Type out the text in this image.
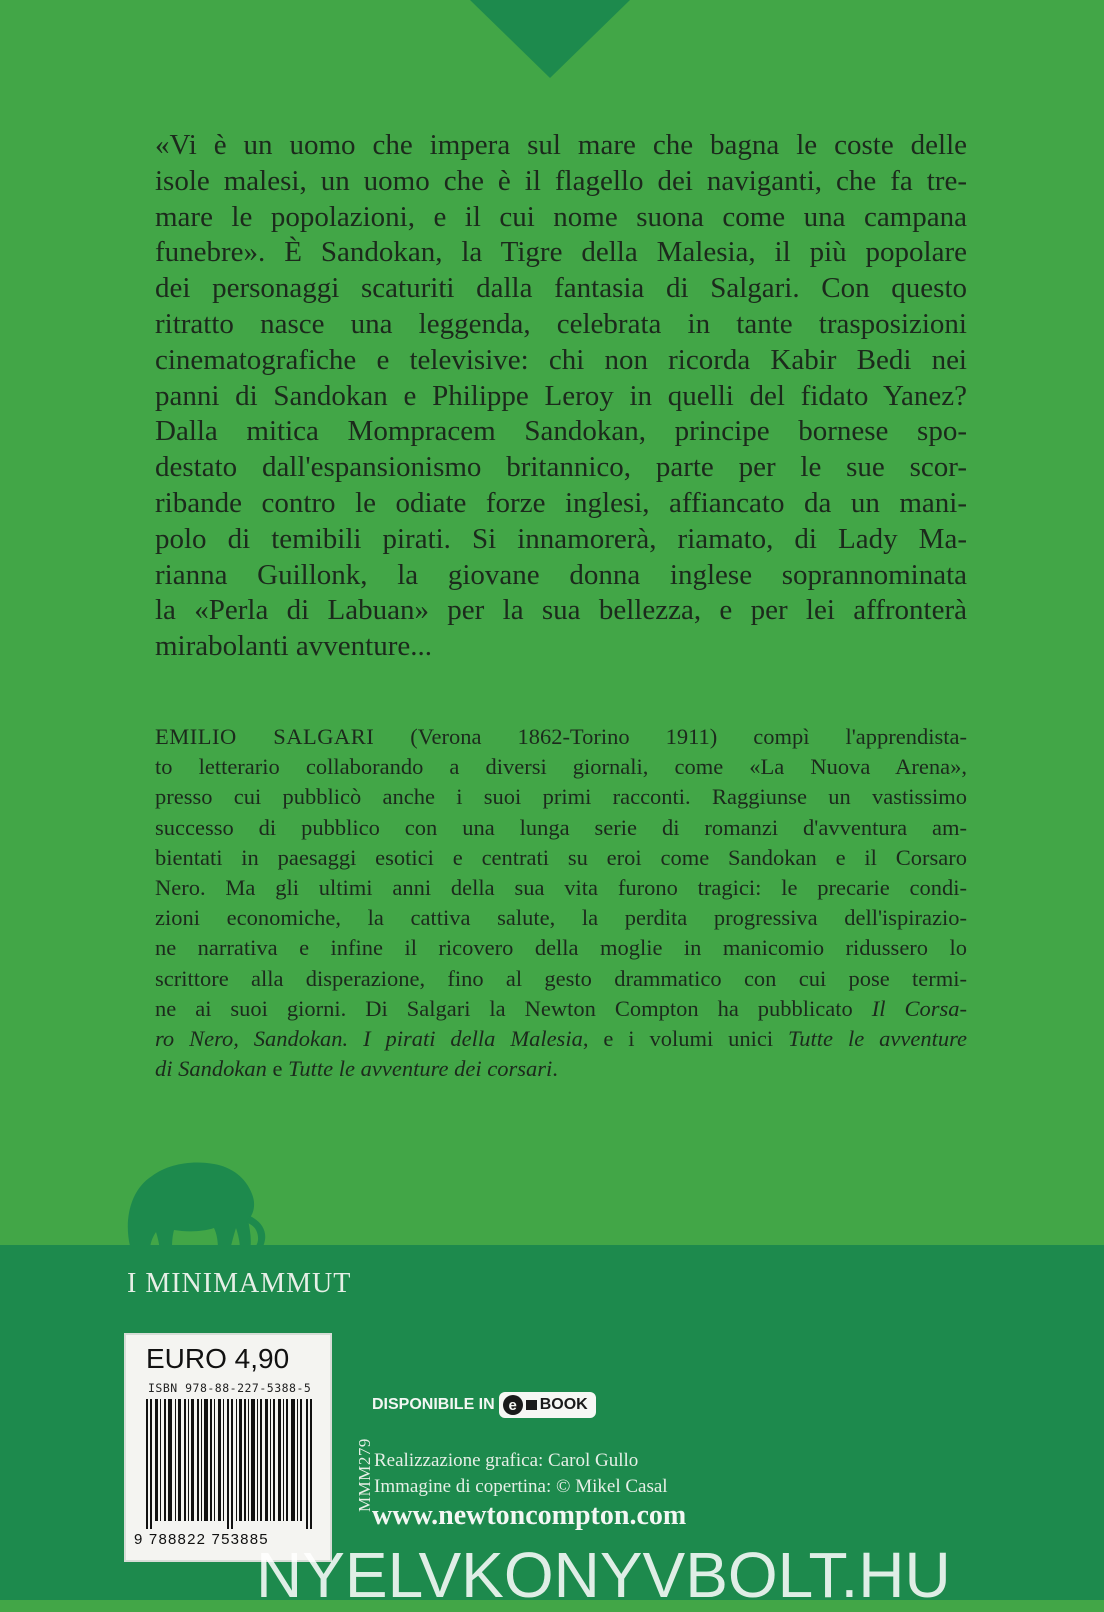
«Vi è un uomo che impera sul mare che bagna le coste delle
isole malesi, un uomo che è il flagello dei naviganti, che fa tre-
mare le popolazioni, e il cui nome suona come una campana
funebre». È Sandokan, la Tigre della Malesia, il più popolare
dei personaggi scaturiti dalla fantasia di Salgari. Con questo
ritratto nasce una leggenda, celebrata in tante trasposizioni
cinematografiche e televisive: chi non ricorda Kabir Bedi nei
panni di Sandokan e Philippe Leroy in quelli del fidato Yanez?
Dalla mitica Mompracem Sandokan, principe bornese spo-
destato dall'espansionismo britannico, parte per le sue scor-
ribande contro le odiate forze inglesi, affiancato da un mani-
polo di temibili pirati. Si innamorerà, riamato, di Lady Ma-
rianna Guillonk, la giovane donna inglese soprannominata
la «Perla di Labuan» per la sua bellezza, e per lei affronterà
mirabolanti avventure...
EMILIO SALGARI (Verona 1862-Torino 1911) compì l'apprendista-
to letterario collaborando a diversi giornali, come «La Nuova Arena»,
presso cui pubblicò anche i suoi primi racconti. Raggiunse un vastissimo
successo di pubblico con una lunga serie di romanzi d'avventura am-
bientati in paesaggi esotici e centrati su eroi come Sandokan e il Corsaro
Nero. Ma gli ultimi anni della sua vita furono tragici: le precarie condi-
zioni economiche, la cattiva salute, la perdita progressiva dell'ispirazio-
ne narrativa e infine il ricovero della moglie in manicomio ridussero lo
scrittore alla disperazione, fino al gesto drammatico con cui pose termi-
ne ai suoi giorni. Di Salgari la Newton Compton ha pubblicato Il Corsa-
ro Nero, Sandokan. I pirati della Malesia, e i volumi unici Tutte le avventure
di Sandokan e Tutte le avventure dei corsari.
I MINIMAMMUT
EURO 4,90
ISBN 978-88-227-5388-5
9 788822 753885
MMM279
DISPONIBILE IN e	BOOK
Realizzazione grafica: Carol Gullo
Immagine di copertina: © Mikel Casal
www.newtoncompton.com
NYELVKONYVBOLT.HU
